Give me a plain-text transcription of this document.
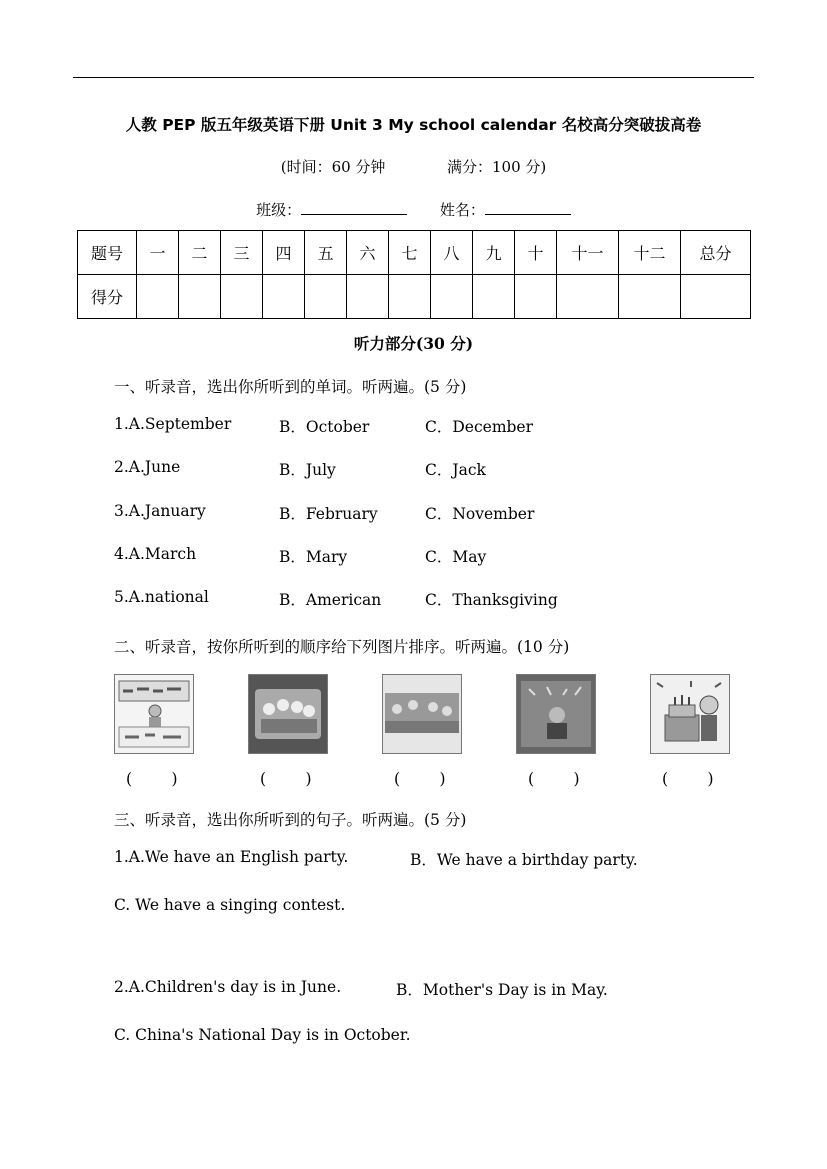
人教 PEP 版五年级英语下册 Unit 3 My school calendar 名校高分突破拔高卷
(时间：60 分钟	满分：100 分)
班级：	姓名：
题号	一	二	三	四	五	六	七	八	九	十	十一	十二	总分
得分													
听力部分(30 分)
一、听录音，选出你所听到的单词。听两遍。(5 分)
1.A.September	B．October	C．December
2.A.June	B．July	C．Jack
3.A.January	B．February	C．November
4.A.March	B．Mary	C．May
5.A.national	B．American	C．Thanksgiving
二、听录音，按你所听到的顺序给下列图片排序。听两遍。(10 分)
(        )	(        )	(        )	(        )	(        )
三、听录音，选出你所听到的句子。听两遍。(5 分)
1.A.We have an English party.	B．We have a birthday party.
C. We have a singing contest.
2.A.Children's day is in June.	B．Mother's Day is in May.
C. China's National Day is in October.
